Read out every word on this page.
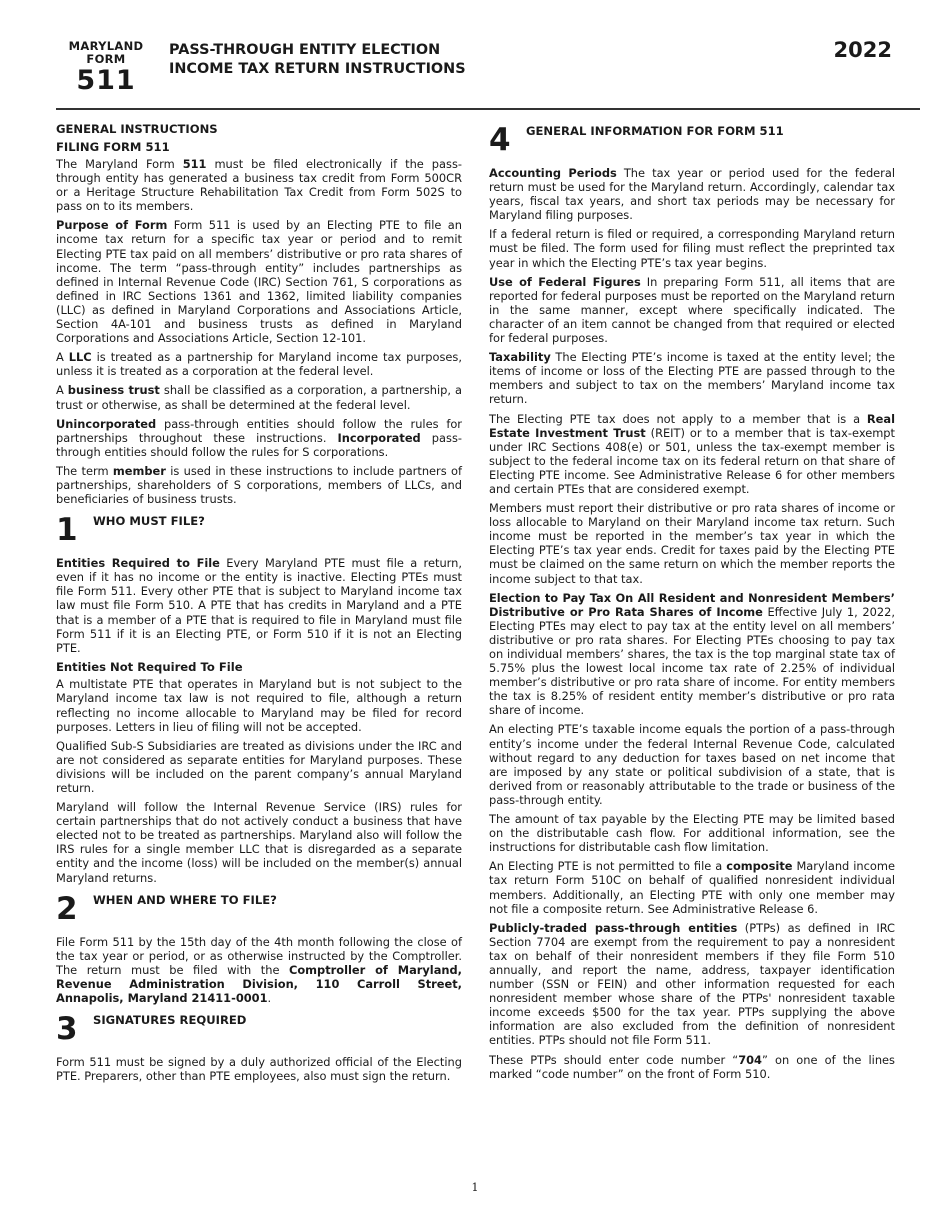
MARYLAND
FORM
511
PASS-THROUGH ENTITY ELECTION
INCOME TAX RETURN INSTRUCTIONS
2022
GENERAL INSTRUCTIONS
FILING FORM 511

The Maryland Form 511 must be filed electronically if the pass-through entity has generated a business tax credit from Form 500CR or a Heritage Structure Rehabilitation Tax Credit from Form 502S to pass on to its members.

Purpose of Form Form 511 is used by an Electing PTE to file an income tax return for a specific tax year or period and to remit Electing PTE tax paid on all members’ distributive or pro rata shares of income. The term “pass-through entity” includes partnerships as defined in Internal Revenue Code (IRC) Section 761, S corporations as defined in IRC Sections 1361 and 1362, limited liability companies (LLC) as defined in Maryland Corporations and Associations Article, Section 4A-101 and business trusts as defined in Maryland Corporations and Associations Article, Section 12-101.

A LLC is treated as a partnership for Maryland income tax purposes, unless it is treated as a corporation at the federal level.

A business trust shall be classified as a corporation, a partnership, a trust or otherwise, as shall be determined at the federal level.

Unincorporated pass-through entities should follow the rules for partnerships throughout these instructions. Incorporated pass-through entities should follow the rules for S corporations.

The term member is used in these instructions to include partners of partnerships, shareholders of S corporations, members of LLCs, and beneficiaries of business trusts.

1 WHO MUST FILE?

Entities Required to File Every Maryland PTE must file a return, even if it has no income or the entity is inactive. Electing PTEs must file Form 511. Every other PTE that is subject to Maryland income tax law must file Form 510. A PTE that has credits in Maryland and a PTE that is a member of a PTE that is required to file in Maryland must file Form 511 if it is an Electing PTE, or Form 510 if it is not an Electing PTE.

Entities Not Required To File

A multistate PTE that operates in Maryland but is not subject to the Maryland income tax law is not required to file, although a return reflecting no income allocable to Maryland may be filed for record purposes. Letters in lieu of filing will not be accepted.

Qualified Sub-S Subsidiaries are treated as divisions under the IRC and are not considered as separate entities for Maryland purposes. These divisions will be included on the parent company’s annual Maryland return.

Maryland will follow the Internal Revenue Service (IRS) rules for certain partnerships that do not actively conduct a business that have elected not to be treated as partnerships. Maryland also will follow the IRS rules for a single member LLC that is disregarded as a separate entity and the income (loss) will be included on the member(s) annual Maryland returns.

2 WHEN AND WHERE TO FILE?

File Form 511 by the 15th day of the 4th month following the close of the tax year or period, or as otherwise instructed by the Comptroller. The return must be filed with the Comptroller of Maryland, Revenue Administration Division, 110 Carroll Street, Annapolis, Maryland 21411-0001.

3 SIGNATURES REQUIRED

Form 511 must be signed by a duly authorized official of the Electing PTE. Preparers, other than PTE employees, also must sign the return.

4 GENERAL INFORMATION FOR FORM 511

Accounting Periods The tax year or period used for the federal return must be used for the Maryland return. Accordingly, calendar tax years, fiscal tax years, and short tax periods may be necessary for Maryland filing purposes.

If a federal return is filed or required, a corresponding Maryland return must be filed. The form used for filing must reflect the preprinted tax year in which the Electing PTE’s tax year begins.

Use of Federal Figures In preparing Form 511, all items that are reported for federal purposes must be reported on the Maryland return in the same manner, except where specifically indicated. The character of an item cannot be changed from that required or elected for federal purposes.

Taxability The Electing PTE’s income is taxed at the entity level; the items of income or loss of the Electing PTE are passed through to the members and subject to tax on the members’ Maryland income tax return.

The Electing PTE tax does not apply to a member that is a Real Estate Investment Trust (REIT) or to a member that is tax-exempt under IRC Sections 408(e) or 501, unless the tax-exempt member is subject to the federal income tax on its federal return on that share of Electing PTE income. See Administrative Release 6 for other members and certain PTEs that are considered exempt.

Members must report their distributive or pro rata shares of income or loss allocable to Maryland on their Maryland income tax return. Such income must be reported in the member’s tax year in which the Electing PTE’s tax year ends. Credit for taxes paid by the Electing PTE must be claimed on the same return on which the member reports the income subject to that tax.

Election to Pay Tax On All Resident and Nonresident Members’ Distributive or Pro Rata Shares of Income Effective July 1, 2022, Electing PTEs may elect to pay tax at the entity level on all members’ distributive or pro rata shares. For Electing PTEs choosing to pay tax on individual members’ shares, the tax is the top marginal state tax of 5.75% plus the lowest local income tax rate of 2.25% of individual member’s distributive or pro rata share of income. For entity members the tax is 8.25% of resident entity member’s distributive or pro rata share of income.

An electing PTE’s taxable income equals the portion of a pass-through entity’s income under the federal Internal Revenue Code, calculated without regard to any deduction for taxes based on net income that are imposed by any state or political subdivision of a state, that is derived from or reasonably attributable to the trade or business of the pass-through entity.

The amount of tax payable by the Electing PTE may be limited based on the distributable cash flow. For additional information, see the instructions for distributable cash flow limitation.

An Electing PTE is not permitted to file a composite Maryland income tax return Form 510C on behalf of qualified nonresident individual members. Additionally, an Electing PTE with only one member may not file a composite return. See Administrative Release 6.

Publicly-traded pass-through entities (PTPs) as defined in IRC Section 7704 are exempt from the requirement to pay a nonresident tax on behalf of their nonresident members if they file Form 510 annually, and report the name, address, taxpayer identification number (SSN or FEIN) and other information requested for each nonresident member whose share of the PTPs' nonresident taxable income exceeds $500 for the tax year. PTPs supplying the above information are also excluded from the definition of nonresident entities. PTPs should not file Form 511.

These PTPs should enter code number “704” on one of the lines marked “code number” on the front of Form 510.

1
